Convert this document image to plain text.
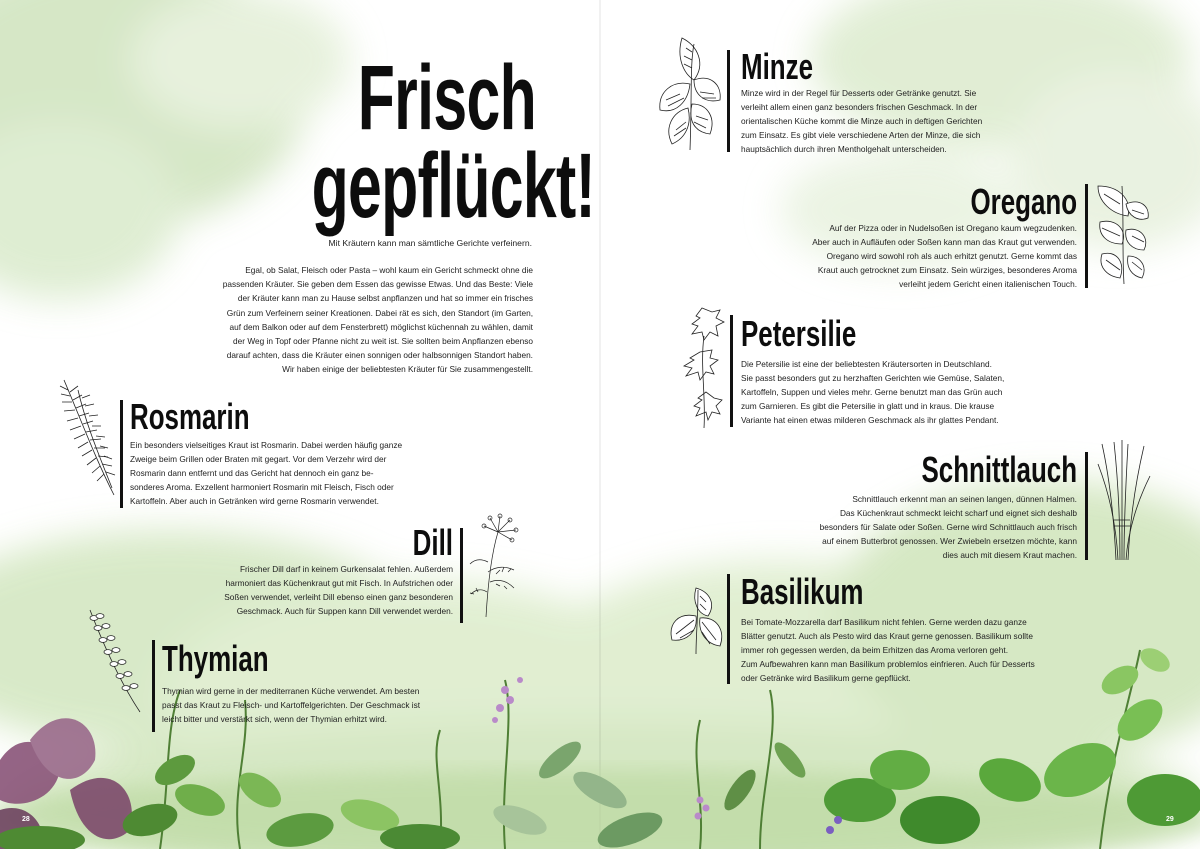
Frisch
gepflückt!
Mit Kräutern kann man sämtliche Gerichte verfeinern.

Egal, ob Salat, Fleisch oder Pasta – wohl kaum ein Gericht schmeckt ohne die

passenden Kräuter. Sie geben dem Essen das gewisse Etwas. Und das Beste: Viele

der Kräuter kann man zu Hause selbst anpflanzen und hat so immer ein frisches

Grün zum Verfeinern seiner Kreationen. Dabei rät es sich, den Standort (im Garten,

auf dem Balkon oder auf dem Fensterbrett) möglichst küchennah zu wählen, damit

der Weg in Topf oder Pfanne nicht zu weit ist. Sie sollten beim Anpflanzen ebenso

darauf achten, dass die Kräuter einen sonnigen oder halbsonnigen Standort haben.

Wir haben einige der beliebtesten Kräuter für Sie zusammengestellt.

Rosmarin

Ein besonders vielseitiges Kraut ist Rosmarin. Dabei werden häufig ganze

Zweige beim Grillen oder Braten mit gegart. Vor dem Verzehr wird der

Rosmarin dann entfernt und das Gericht hat dennoch ein ganz be-

sonderes Aroma. Exzellent harmoniert Rosmarin mit Fleisch, Fisch oder

Kartoffeln. Aber auch in Getränken wird gerne Rosmarin verwendet.

Dill

Frischer Dill darf in keinem Gurkensalat fehlen. Außerdem

harmoniert das Küchenkraut gut mit Fisch. In Aufstrichen oder

Soßen verwendet, verleiht Dill ebenso einen ganz besonderen

Geschmack. Auch für Suppen kann Dill verwendet werden.

Thymian

Thymian wird gerne in der mediterranen Küche verwendet. Am besten

passt das Kraut zu Fleisch- und Kartoffelgerichten. Der Geschmack ist

leicht bitter und verstärkt sich, wenn der Thymian erhitzt wird.

28
Minze

Minze wird in der Regel für Desserts oder Getränke genutzt. Sie

verleiht allem einen ganz besonders frischen Geschmack. In der

orientalischen Küche kommt die Minze auch in deftigen Gerichten

zum Einsatz. Es gibt viele verschiedene Arten der Minze, die sich

hauptsächlich durch ihren Mentholgehalt unterscheiden.

Oregano

Auf der Pizza oder in Nudelsoßen ist Oregano kaum wegzudenken.

Aber auch in Aufläufen oder Soßen kann man das Kraut gut verwenden.

Oregano wird sowohl roh als auch erhitzt genutzt. Gerne kommt das

Kraut auch getrocknet zum Einsatz. Sein würziges, besonderes Aroma

verleiht jedem Gericht einen italienischen Touch.

Petersilie

Die Petersilie ist eine der beliebtesten Kräutersorten in Deutschland.

Sie passt besonders gut zu herzhaften Gerichten wie Gemüse, Salaten,

Kartoffeln, Suppen und vieles mehr. Gerne benutzt man das Grün auch

zum Garnieren. Es gibt die Petersilie in glatt und in kraus. Die krause

Variante hat einen etwas milderen Geschmack als ihr glattes Pendant.

Schnittlauch

Schnittlauch erkennt man an seinen langen, dünnen Halmen.

Das Küchenkraut schmeckt leicht scharf und eignet sich deshalb

besonders für Salate oder Soßen. Gerne wird Schnittlauch auch frisch

auf einem Butterbrot genossen. Wer Zwiebeln ersetzen möchte, kann

dies auch mit diesem Kraut machen.

Basilikum

Bei Tomate-Mozzarella darf Basilikum nicht fehlen. Gerne werden dazu ganze

Blätter genutzt. Auch als Pesto wird das Kraut gerne genossen. Basilikum sollte

immer roh gegessen werden, da beim Erhitzen das Aroma verloren geht.

Zum Aufbewahren kann man Basilikum problemlos einfrieren. Auch für Desserts

oder Getränke wird Basilikum gerne gepflückt.

29
